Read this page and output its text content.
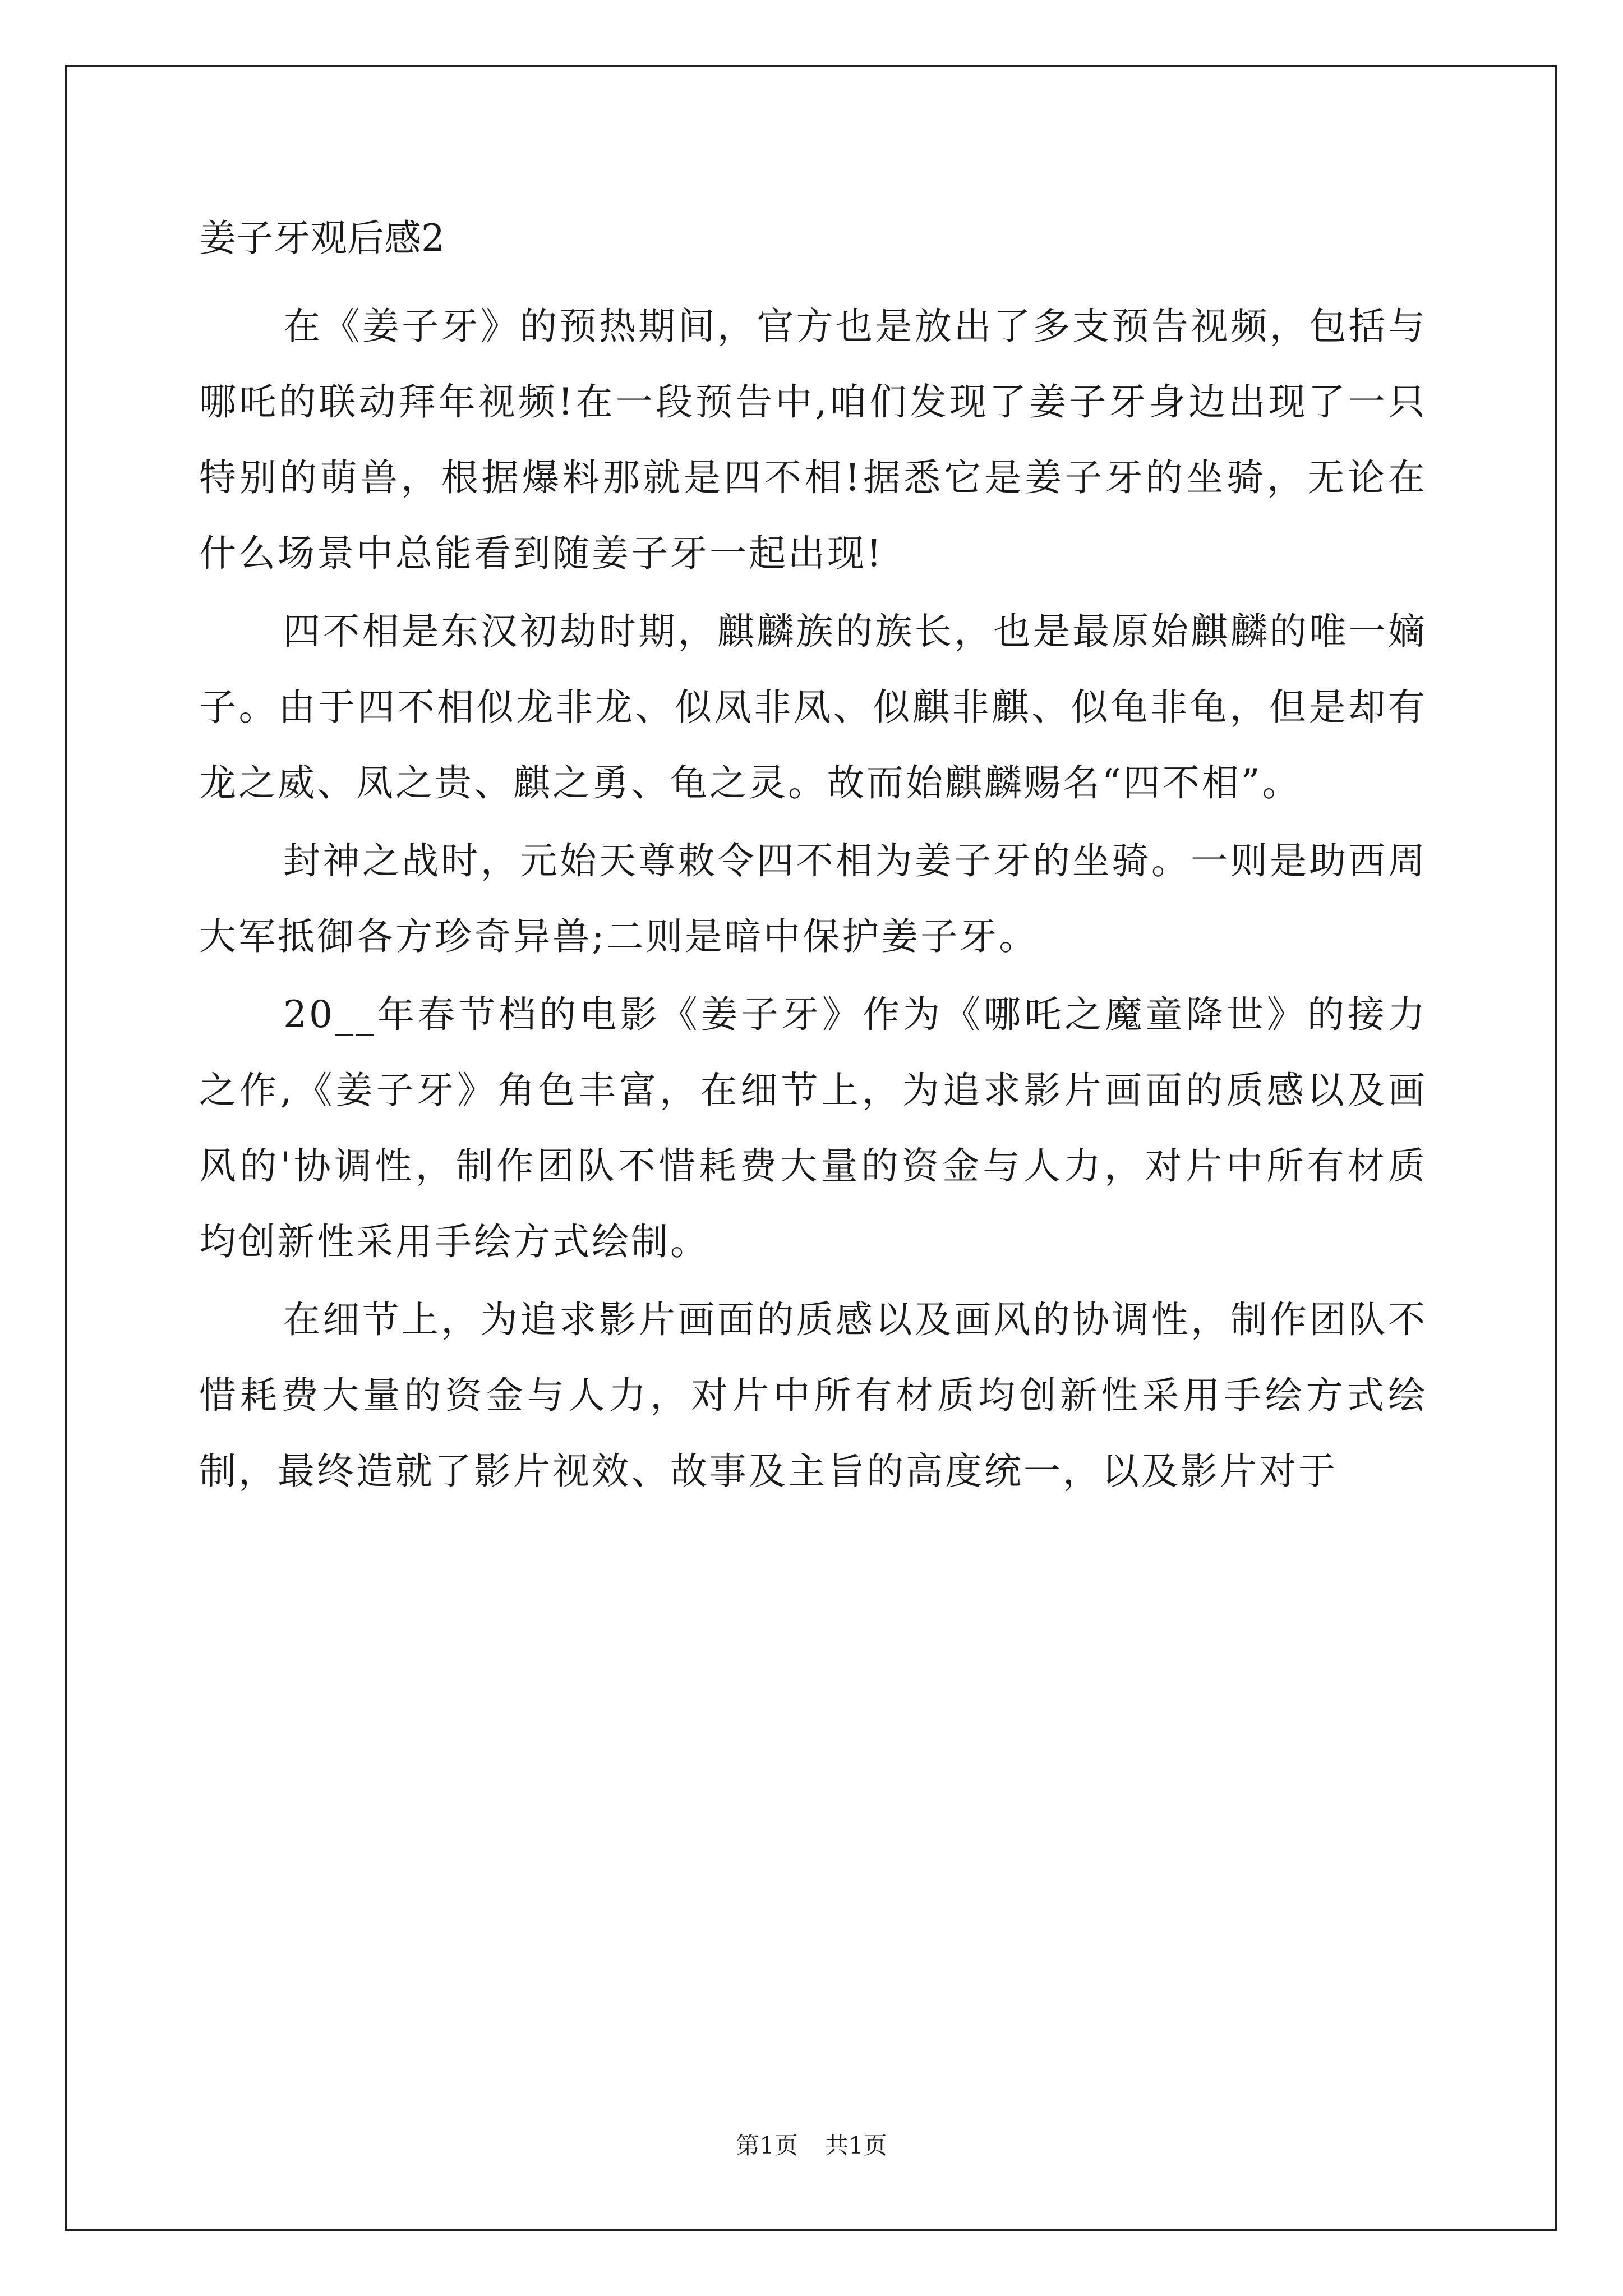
姜子牙观后感2

在《姜子牙》的预热期间，官方也是放出了多支预告视频，包括与哪吒的联动拜年视频!在一段预告中,咱们发现了姜子牙身边出现了一只特别的萌兽，根据爆料那就是四不相!据悉它是姜子牙的坐骑，无论在什么场景中总能看到随姜子牙一起出现!

四不相是东汉初劫时期，麒麟族的族长，也是最原始麒麟的唯一嫡子。由于四不相似龙非龙、似凤非凤、似麒非麒、似龟非龟，但是却有龙之威、凤之贵、麒之勇、龟之灵。故而始麒麟赐名“四不相”。

封神之战时，元始天尊敕令四不相为姜子牙的坐骑。一则是助西周大军抵御各方珍奇异兽;二则是暗中保护姜子牙。

20__年春节档的电影《姜子牙》作为《哪吒之魔童降世》的接力之作,《姜子牙》角色丰富，在细节上，为追求影片画面的质感以及画风的'协调性，制作团队不惜耗费大量的资金与人力，对片中所有材质均创新性采用手绘方式绘制。

在细节上，为追求影片画面的质感以及画风的协调性，制作团队不惜耗费大量的资金与人力，对片中所有材质均创新性采用手绘方式绘制，最终造就了影片视效、故事及主旨的高度统一，以及影片对于

第1页 共1页
